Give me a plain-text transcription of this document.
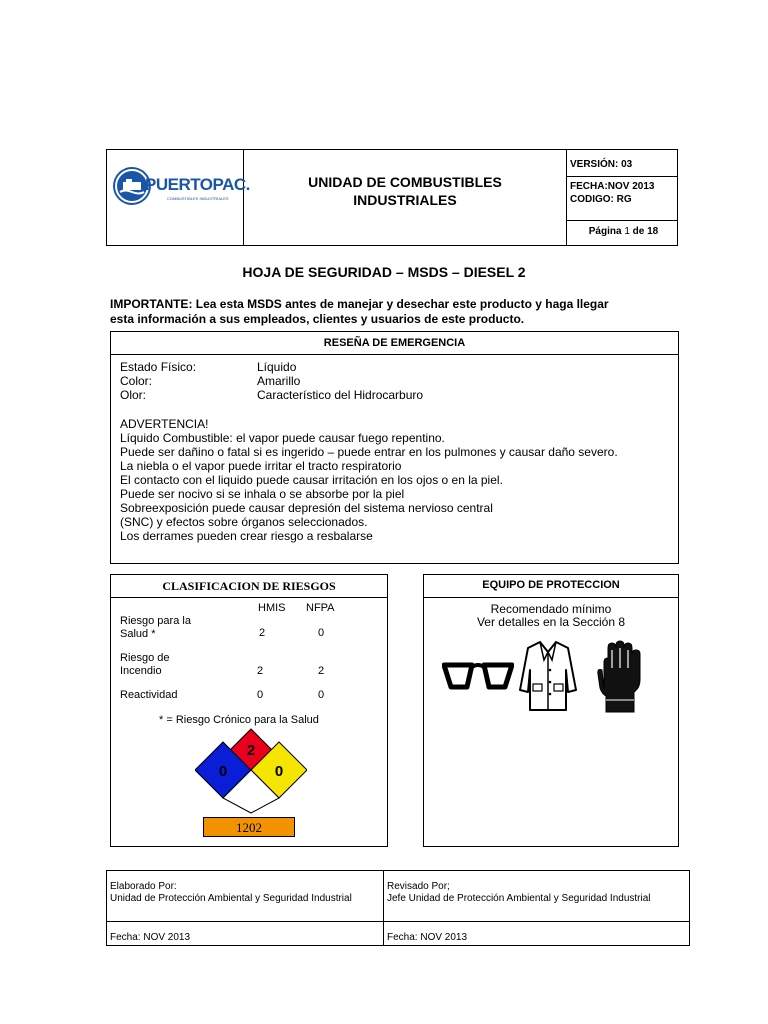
PUERTOPAC.
COMBUSTIBLES INDUSTRIALES
UNIDAD DE COMBUSTIBLES
INDUSTRIALES
VERSIÓN: 03
FECHA:NOV 2013
CODIGO: RG
Página 1 de 18
HOJA DE SEGURIDAD – MSDS – DIESEL 2
IMPORTANTE: Lea esta MSDS antes de manejar y desechar este producto y haga llegar
esta información a sus empleados, clientes y usuarios de este producto.
RESEÑA DE EMERGENCIA
Estado Físico:	Líquido
Color:	Amarillo
Olor:	Característico del Hidrocarburo
ADVERTENCIA!
Líquido Combustible: el vapor puede causar fuego repentino.
Puede ser dañino o fatal si es ingerido – puede entrar en los pulmones y causar daño severo.
La niebla o el vapor puede irritar el tracto respiratorio
El contacto con el liquido puede causar irritación en los ojos o en la piel.
Puede ser nocivo si se inhala o se absorbe por la piel
Sobreexposición puede causar depresión del sistema nervioso central
(SNC) y efectos sobre órganos seleccionados.
Los derrames pueden crear riesgo a resbalarse
CLASIFICACION DE RIESGOS
HMIS NFPA
Riesgo para la
Salud *	2	0
Riesgo de
Incendio	2	2
Reactividad	0	0
* = Riesgo Crónico para la Salud
2
0	0
1202
EQUIPO DE PROTECCION
Recomendado mínimo
Ver detalles en la Sección 8
Elaborado Por:
Unidad de Protección Ambiental y Seguridad Industrial
Revisado Por;
Jefe Unidad de Protección Ambiental y Seguridad Industrial
Fecha: NOV 2013	Fecha: NOV 2013
